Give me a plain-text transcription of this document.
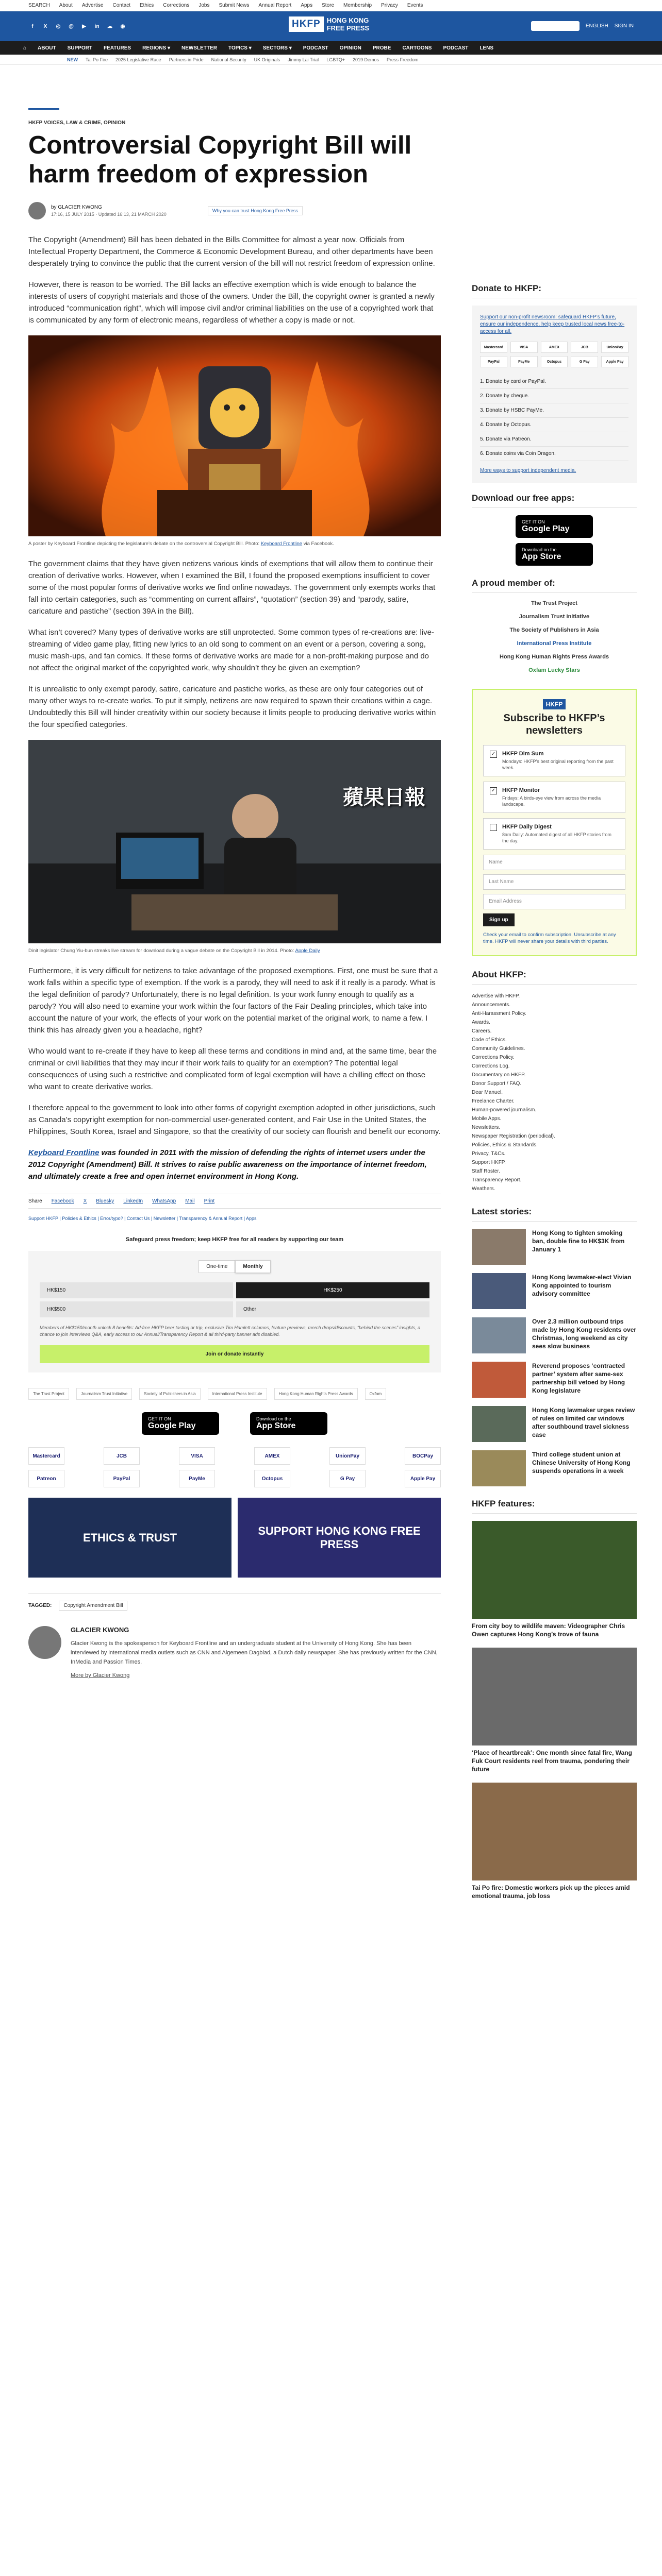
SEARCH About Advertise Contact Ethics Corrections Jobs Submit News Annual Report Apps Store Membership Privacy Events
f	X	◎	@	▶	in	☁	◉	HKFP HONG KONG
FREE PRESS	SUPPORT HKFP	ENGLISH SIGN IN
⌂ ABOUT SUPPORT FEATURES REGIONS ▾ NEWSLETTER TOPICS ▾ SECTORS ▾ PODCAST OPINION PROBE CARTOONS PODCAST LENS
NEW Tai Po Fire 2025 Legislative Race Partners in Pride National Security UK Originals Jimmy Lai Trial LGBTQ+ 2019 Demos Press Freedom
HKFP VOICES, LAW & CRIME, OPINION
Controversial Copyright Bill will harm freedom of expression
by GLACIER KWONG
17:16, 15 JULY 2015 · Updated 16:13, 21 MARCH 2020
Why you can trust Hong Kong Free Press

The Copyright (Amendment) Bill has been debated in the Bills Committee for almost a year now. Officials from Intellectual Property Department, the Commerce & Economic Development Bureau, and other departments have been desperately trying to convince the public that the current version of the bill will not restrict freedom of expression online.

However, there is reason to be worried. The Bill lacks an effective exemption which is wide enough to balance the interests of users of copyright materials and those of the owners. Under the Bill, the copyright owner is granted a newly introduced “communication right”, which will impose civil and/or criminal liabilities on the use of a copyrighted work that is communicated by any form of electronic means, regardless of whether a copy is made or not.

A poster by Keyboard Frontline depicting the legislature’s debate on the controversial Copyright Bill. Photo: Keyboard Frontline via Facebook.

The government claims that they have given netizens various kinds of exemptions that will allow them to continue their creation of derivative works. However, when I examined the Bill, I found the proposed exemptions insufficient to cover some of the most popular forms of derivative works we find online nowadays. The government only exempts works that fall into certain categories, such as “commenting on current affairs”, “quotation” (section 39) and “parody, satire, caricature and pastiche” (section 39A in the Bill).

What isn’t covered? Many types of derivative works are still unprotected. Some common types of re-creations are: live-streaming of video game play, fitting new lyrics to an old song to comment on an event or a person, covering a song, music mash-ups, and fan comics. If these forms of derivative works are made for a non-profit-making purpose and do not affect the original market of the copyrighted work, why shouldn’t they be given an exemption?

It is unrealistic to only exempt parody, satire, caricature and pastiche works, as these are only four categories out of many other ways to re-create works. To put it simply, netizens are now required to spawn their creations within a cage. Undoubtedly this Bill will hinder creativity within our society because it limits people to producing derivative works within the four specified categories.

蘋果日報
Dinit legislator Chung Yiu-bun streaks live stream for download during a vague debate on the Copyright Bill in 2014. Photo: Apple Daily

Furthermore, it is very difficult for netizens to take advantage of the proposed exemptions. First, one must be sure that a work falls within a specific type of exemption. If the work is a parody, they will need to ask if it really is a parody. What is the legal definition of parody? Unfortunately, there is no legal definition. Is your work funny enough to qualify as a parody? You will also need to examine your work within the four factors of the Fair Dealing principles, which take into account the nature of your work, the effects of your work on the potential market of the original work, to name a few. I think this has already given you a headache, right?

Who would want to re-create if they have to keep all these terms and conditions in mind and, at the same time, bear the criminal or civil liabilities that they may incur if their work fails to qualify for an exemption? The potential legal consequences of using such a restrictive and complicated form of legal exemption will have a chilling effect on those who want to create derivative works.

I therefore appeal to the government to look into other forms of copyright exemption adopted in other jurisdictions, such as Canada’s copyright exemption for non-commercial user-generated content, and Fair Use in the United States, the Philippines, South Korea, Israel and Singapore, so that the creativity of our society can flourish and benefit our economy.

Keyboard Frontline was founded in 2011 with the mission of defending the rights of internet users under the 2012 Copyright (Amendment) Bill. It strives to raise public awareness on the importance of internet freedom, and ultimately create a free and open internet environment in Hong Kong.

Share Facebook X Bluesky LinkedIn WhatsApp Mail Print
Support HKFP | Policies & Ethics | Error/typo? | Contact Us | Newsletter | Transparency & Annual Report | Apps
Safeguard press freedom; keep HKFP free for all readers by supporting our team
One-time	Monthly
HK$150	HK$250
HK$500	Other
Members of HK$150/month unlock 8 benefits: Ad-free HKFP beer tasting or trip, exclusive Tim Hamlett columns, feature previews, merch drops/discounts, “behind the scenes” insights, a chance to join interviews Q&A, early access to our Annual/Transparency Report & all third-party banner ads disabled.
Join or donate instantly
The Trust Project	Journalism Trust Initiative	Society of Publishers in Asia	International Press Institute	Hong Kong Human Rights Press Awards	Oxfam
GET IT ON
Google Play
Download on the
App Store
Mastercard	JCB	VISA	AMEX	UnionPay	BOCPay
Patreon	PayPal	PayMe	Octopus	G Pay	Apple Pay
ETHICS & TRUST
SUPPORT HONG KONG FREE PRESS
TAGGED:	Copyright Amendment Bill
GLACIER KWONG
Glacier Kwong is the spokesperson for Keyboard Frontline and an undergraduate student at the University of Hong Kong. She has been interviewed by international media outlets such as CNN and Algemeen Dagblad, a Dutch daily newspaper. She has previously written for the CNN, InMedia and Passion Times.
More by Glacier Kwong
Donate to HKFP:
Support our non-profit newsroom: safeguard HKFP’s future, ensure our independence, help keep trusted local news free-to-access for all.
Mastercard	VISA	AMEX	JCB	UnionPay
PayPal	PayMe	Octopus	G Pay	Apple Pay
1. Donate by card or PayPal.
2. Donate by cheque.
3. Donate by HSBC PayMe.
4. Donate by Octopus.
5. Donate via Patreon.
6. Donate coins via Coin Dragon.
More ways to support independent media.
Download our free apps:
GET IT ON
Google Play
Download on the
App Store
A proud member of:
The Trust Project
Journalism Trust Initiative
The Society of Publishers in Asia
International Press Institute
Hong Kong Human Rights Press Awards
Oxfam Lucky Stars
HKFP
Subscribe to HKFP’s newsletters
✓ HKFP Dim Sum
Mondays: HKFP’s best original reporting from the past week.
✓ HKFP Monitor
Fridays: A birds-eye view from across the media landscape.
HKFP Daily Digest
8am Daily: Automated digest of all HKFP stories from the day.
Name
Last Name
Email Address
Sign up
Check your email to confirm subscription. Unsubscribe at any time. HKFP will never share your details with third parties.
About HKFP:
Advertise with HKFP.
Announcements.
Anti-Harassment Policy.
Awards.
Careers.
Code of Ethics.
Community Guidelines.
Corrections Policy.
Corrections Log.
Documentary on HKFP.
Donor Support / FAQ.
Dear Manuel.
Freelance Charter.
Human-powered journalism.
Mobile Apps.
Newsletters.
Newspaper Registration (periodical).
Policies, Ethics & Standards.
Privacy, T&Cs.
Support HKFP.
Staff Roster.
Transparency Report.
Weathers.
Latest stories:
Hong Kong to tighten smoking ban, double fine to HK$3K from January 1
Hong Kong lawmaker-elect Vivian Kong appointed to tourism advisory committee
Over 2.3 million outbound trips made by Hong Kong residents over Christmas, long weekend as city sees slow business
Reverend proposes ‘contracted partner’ system after same-sex partnership bill vetoed by Hong Kong legislature
Hong Kong lawmaker urges review of rules on limited car windows after southbound travel sickness case
Third college student union at Chinese University of Hong Kong suspends operations in a week
HKFP features:
From city boy to wildlife maven: Videographer Chris Owen captures Hong Kong’s trove of fauna
‘Place of heartbreak’: One month since fatal fire, Wang Fuk Court residents reel from trauma, pondering their future
Tai Po fire: Domestic workers pick up the pieces amid emotional trauma, job loss
